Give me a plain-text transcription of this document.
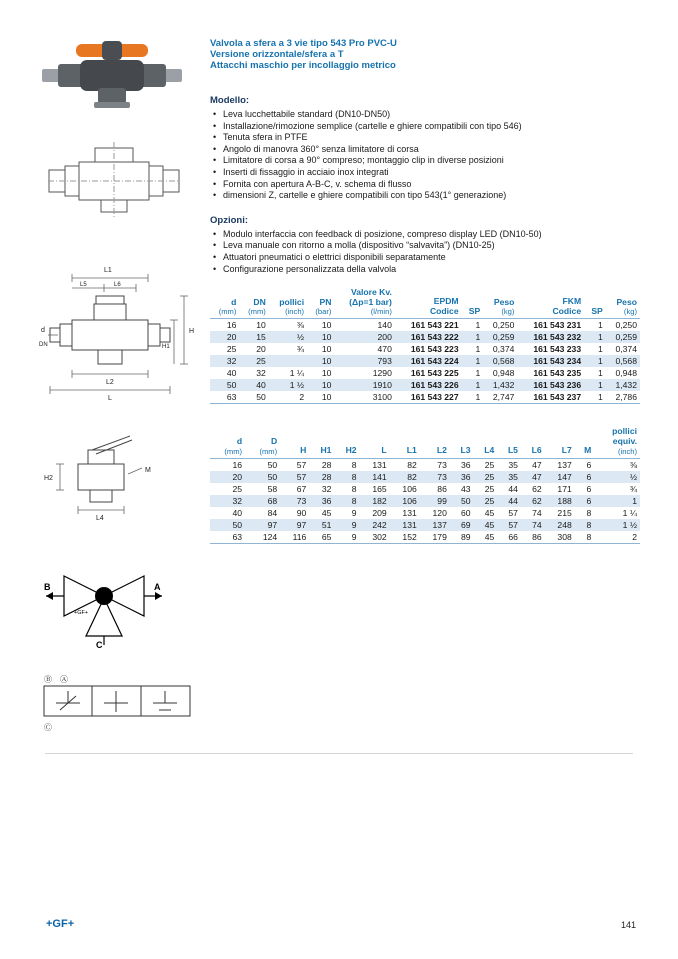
L1
L5	L6
H
H1
d
DN
L2
L
H2
M
L4
B	A
C
+GF+
Ⓑ Ⓐ
Ⓒ
Valvola a sfera a 3 vie tipo 543 Pro PVC-U
Versione orizzontale/sfera a T
Attacchi maschio per incollaggio metrico
Modello:
• Leva lucchettabile standard (DN10-DN50)
• Installazione/rimozione semplice (cartelle e ghiere compatibili con tipo 546)
• Tenuta sfera in PTFE
• Angolo di manovra 360° senza limitatore di corsa
• Limitatore di corsa a 90° compreso; montaggio clip in diverse posizioni
• Inserti di fissaggio in acciaio inox integrati
• Fornita con apertura A-B-C, v. schema di flusso
• dimensioni Z, cartelle e ghiere compatibili con tipo 543(1° generazione)
Opzioni:
• Modulo interfaccia con feedback di posizione, compreso display LED (DN10-50)
• Leva manuale con ritorno a molla (dispositivo “salvavita”) (DN10-25)
• Attuatori pneumatici o elettrici disponibili separatamente
• Configurazione personalizzata della valvola
d
(mm)

DN
(mm)

pollici
(inch)

PN
(bar)

Valore Kv.
(Δp=1 bar)
(l/min)

EPDM
Codice	SP

Peso
(kg)

FKM
Codice	SP

Peso
(kg)

16	10	⅜	10	140	161 543 221	1	0,250	161 543 231	1	0,250
20	15	½	10	200	161 543 222	1	0,259	161 543 232	1	0,259
25	20	¾	10	470	161 543 223	1	0,374	161 543 233	1	0,374
32	25		10	793	161 543 224	1	0,568	161 543 234	1	0,568
40	32	1 ¼	10	1290	161 543 225	1	0,948	161 543 235	1	0,948
50	40	1 ½	10	1910	161 543 226	1	1,432	161 543 236	1	1,432
63	50	2	10	3100	161 543 227	1	2,747	161 543 237	1	2,786
d
(mm)

D
(mm)	H	H1	H2	L	L1	L2	L3	L4	L5	L6	L7	M

pollici
equiv.
(inch)

16	50	57	28	8	131	82	73	36	25	35	47	137	6	⅜
20	50	57	28	8	141	82	73	36	25	35	47	147	6	½
25	58	67	32	8	165	106	86	43	25	44	62	171	6	¾
32	68	73	36	8	182	106	99	50	25	44	62	188	6	1
40	84	90	45	9	209	131	120	60	45	57	74	215	8	1 ¼
50	97	97	51	9	242	131	137	69	45	57	74	248	8	1 ½
63	124	116	65	9	302	152	179	89	45	66	86	308	8	2
+GF+	141
